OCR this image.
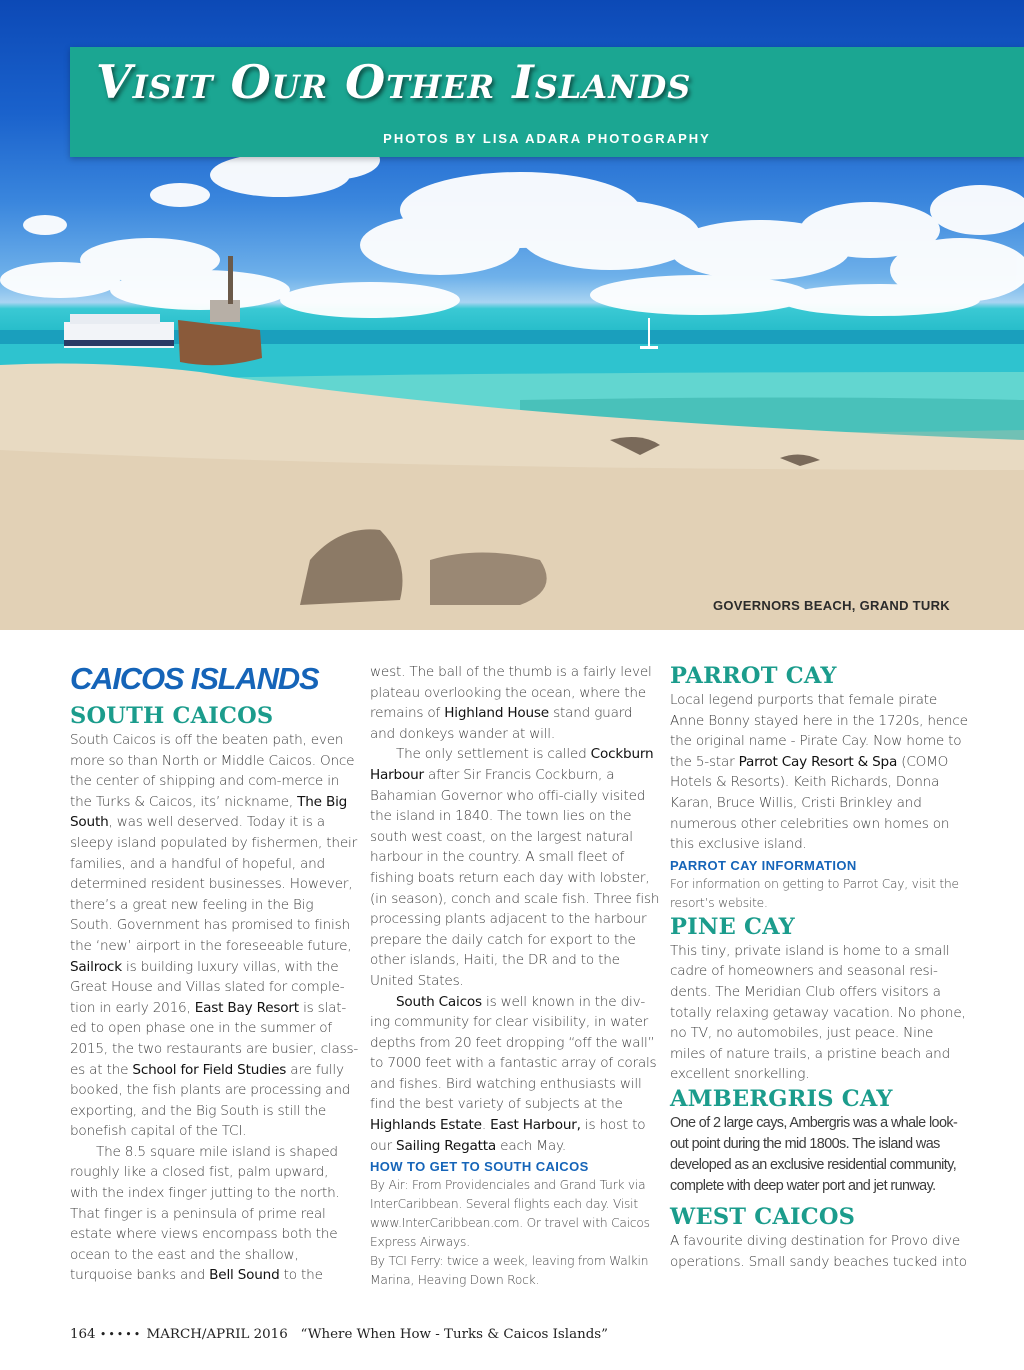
Visit Our Other Islands
PHOTOS BY LISA ADARA PHOTOGRAPHY
GOVERNORS BEACH, GRAND TURK
CAICOS ISLANDS
SOUTH CAICOS

South Caicos is off the beaten path, even more so than North or Middle Caicos. Once the center of shipping and com-merce in the Turks & Caicos, its’ nickname, The Big South, was well deserved. Today it is a sleepy island populated by fishermen, their families, and a handful of hopeful, and determined resident businesses. However, there’s a great new feeling in the Big South. Government has promised to finish the ‘new’ airport in the foreseeable future, Sailrock is building luxury villas, with the Great House and Villas slated for comple-tion in early 2016, East Bay Resort is slat-ed to open phase one in the summer of 2015, the two restaurants are busier, class-es at the School for Field Studies are fully booked, the fish plants are processing and exporting, and the Big South is still the bonefish capital of the TCI.

The 8.5 square mile island is shaped roughly like a closed fist, palm upward, with the index finger jutting to the north. That finger is a peninsula of prime real estate where views encompass both the ocean to the east and the shallow, turquoise banks and Bell Sound to the

west. The ball of the thumb is a fairly level plateau overlooking the ocean, where the remains of Highland House stand guard and donkeys wander at will.

The only settlement is called Cockburn Harbour after Sir Francis Cockburn, a Bahamian Governor who offi-cially visited the island in 1840. The town lies on the south west coast, on the largest natural harbour in the country. A small fleet of fishing boats return each day with lobster, (in season), conch and scale fish. Three fish processing plants adjacent to the harbour prepare the daily catch for export to the other islands, Haiti, the DR and to the United States.

South Caicos is well known in the div-ing community for clear visibility, in water depths from 20 feet dropping “off the wall” to 7000 feet with a fantastic array of corals and fishes. Bird watching enthusiasts will find the best variety of subjects at the Highlands Estate. East Harbour, is host to our Sailing Regatta each May.

HOW TO GET TO SOUTH CAICOS
By Air: From Providenciales and Grand Turk via InterCaribbean. Several flights each day. Visit www.InterCaribbean.com. Or travel with Caicos Express Airways.
By TCI Ferry: twice a week, leaving from Walkin Marina, Heaving Down Rock.
PARROT CAY
Local legend purports that female pirate Anne Bonny stayed here in the 1720s, hence the original name - Pirate Cay. Now home to the 5-star Parrot Cay Resort & Spa (COMO Hotels & Resorts). Keith Richards, Donna Karan, Bruce Willis, Cristi Brinkley and numerous other celebrities own homes on this exclusive island.
PARROT CAY INFORMATION
For information on getting to Parrot Cay, visit the resort’s website.
PINE CAY
This tiny, private island is home to a small cadre of homeowners and seasonal resi-dents. The Meridian Club offers visitors a totally relaxing getaway vacation. No phone, no TV, no automobiles, just peace. Nine miles of nature trails, a pristine beach and excellent snorkelling.
AMBERGRIS CAY
One of 2 large cays, Ambergris was a whale look-out point during the mid 1800s. The island was developed as an exclusive residential community, complete with deep water port and jet runway.
WEST CAICOS
A favourite diving destination for Provo dive operations. Small sandy beaches tucked into
164 ••••• MARCH/APRIL 2016 “Where When How - Turks & Caicos Islands”
